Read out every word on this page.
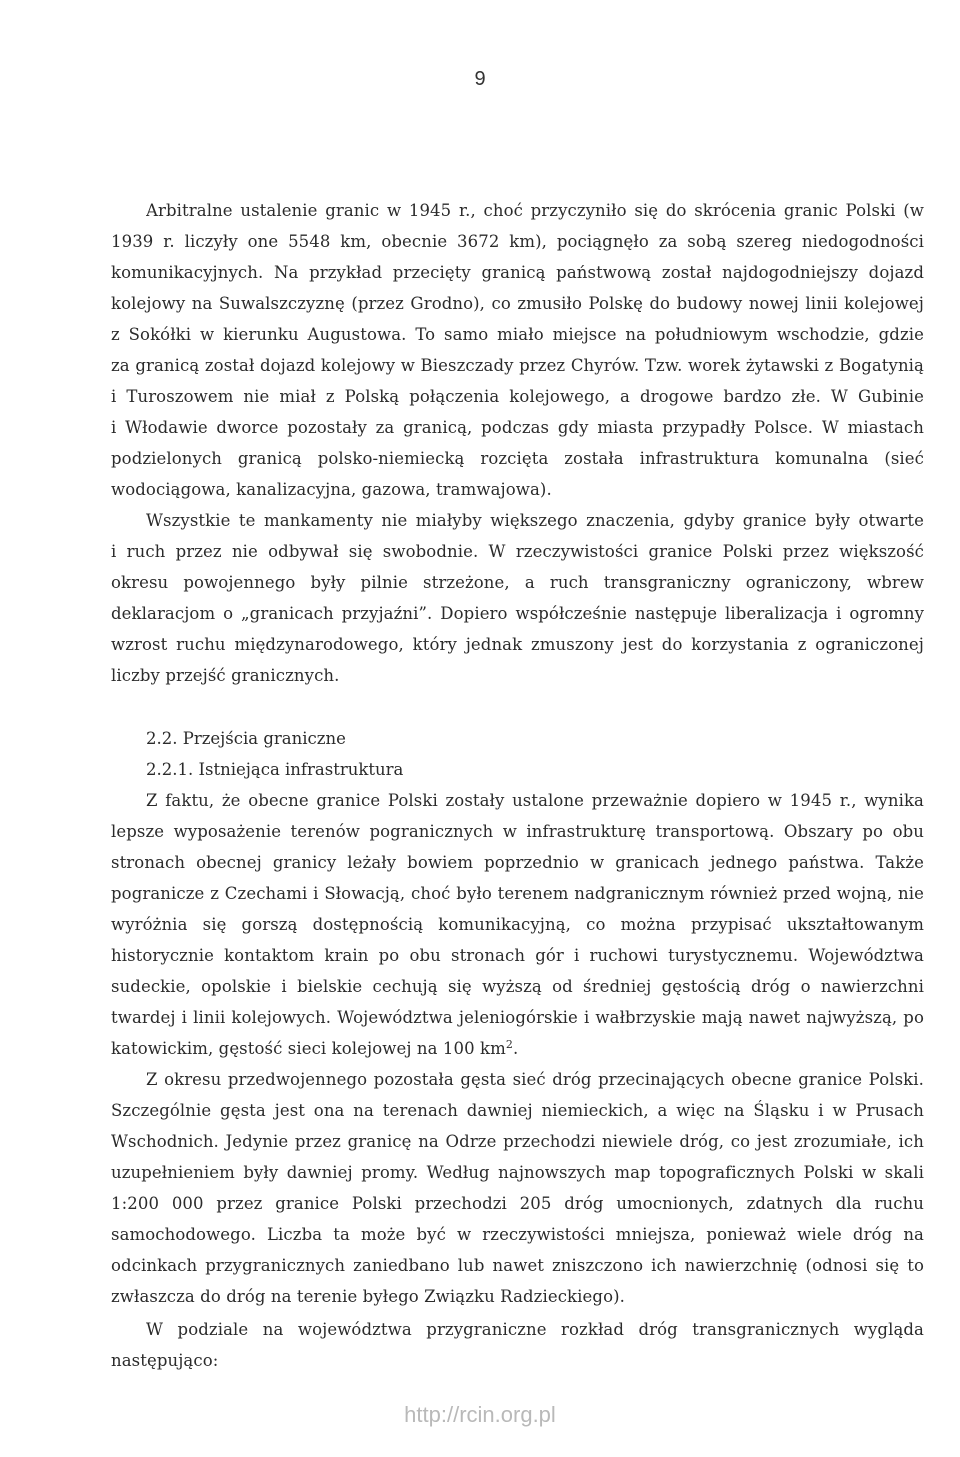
9
Arbitralne ustalenie granic w 1945 r., choć przyczyniło się do skrócenia granic Polski (w
1939 r. liczyły one 5548 km, obecnie 3672 km), pociągnęło za sobą szereg niedogodności
komunikacyjnych. Na przykład przecięty granicą państwową został najdogodniejszy dojazd
kolejowy na Suwalszczyznę (przez Grodno), co zmusiło Polskę do budowy nowej linii kolejowej
z Sokółki w kierunku Augustowa. To samo miało miejsce na południowym wschodzie, gdzie
za granicą został dojazd kolejowy w Bieszczady przez Chyrów. Tzw. worek żytawski z Bogatynią
i Turoszowem nie miał z Polską połączenia kolejowego, a drogowe bardzo złe. W Gubinie
i Włodawie dworce pozostały za granicą, podczas gdy miasta przypadły Polsce. W miastach
podzielonych granicą polsko-niemiecką rozcięta została infrastruktura komunalna (sieć
wodociągowa, kanalizacyjna, gazowa, tramwajowa).
Wszystkie te mankamenty nie miałyby większego znaczenia, gdyby granice były otwarte
i ruch przez nie odbywał się swobodnie. W rzeczywistości granice Polski przez większość
okresu powojennego były pilnie strzeżone, a ruch transgraniczny ograniczony, wbrew
deklaracjom o „granicach przyjaźni”. Dopiero współcześnie następuje liberalizacja i ogromny
wzrost ruchu międzynarodowego, który jednak zmuszony jest do korzystania z ograniczonej
liczby przejść granicznych.
2.2. Przejścia graniczne
2.2.1. Istniejąca infrastruktura
Z faktu, że obecne granice Polski zostały ustalone przeważnie dopiero w 1945 r., wynika
lepsze wyposażenie terenów pogranicznych w infrastrukturę transportową. Obszary po obu
stronach obecnej granicy leżały bowiem poprzednio w granicach jednego państwa. Także
pogranicze z Czechami i Słowacją, choć było terenem nadgranicznym również przed wojną, nie
wyróżnia się gorszą dostępnością komunikacyjną, co można przypisać ukształtowanym
historycznie kontaktom krain po obu stronach gór i ruchowi turystycznemu. Województwa
sudeckie, opolskie i bielskie cechują się wyższą od średniej gęstością dróg o nawierzchni
twardej i linii kolejowych. Województwa jeleniogórskie i wałbrzyskie mają nawet najwyższą, po
katowickim, gęstość sieci kolejowej na 100 $km^2$.
Z okresu przedwojennego pozostała gęsta sieć dróg przecinających obecne granice Polski.
Szczególnie gęsta jest ona na terenach dawniej niemieckich, a więc na Śląsku i w Prusach
Wschodnich. Jedynie przez granicę na Odrze przechodzi niewiele dróg, co jest zrozumiałe, ich
uzupełnieniem były dawniej promy. Według najnowszych map topograficznych Polski w skali
1:200 000 przez granice Polski przechodzi 205 dróg umocnionych, zdatnych dla ruchu
samochodowego. Liczba ta może być w rzeczywistości mniejsza, ponieważ wiele dróg na
odcinkach przygranicznych zaniedbano lub nawet zniszczono ich nawierzchnię (odnosi się to
zwłaszcza do dróg na terenie byłego Związku Radzieckiego).
W podziale na województwa przygraniczne rozkład dróg transgranicznych wygląda
następująco:
http://rcin.org.pl
